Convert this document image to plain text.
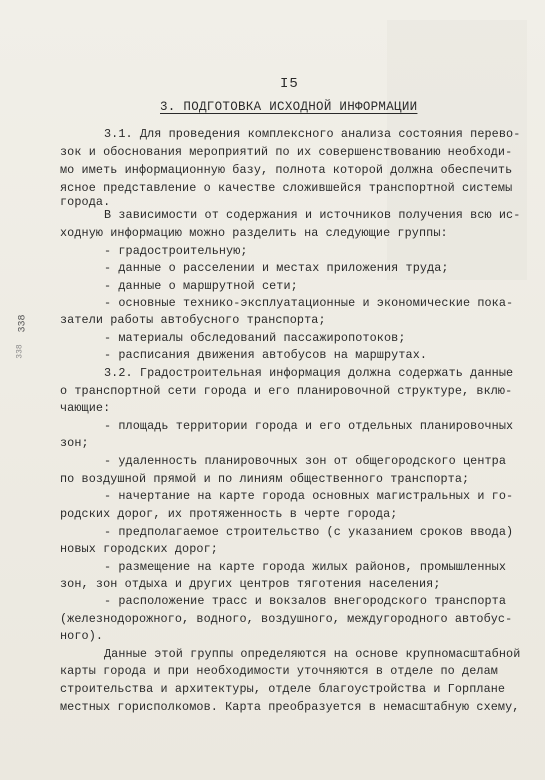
I5
3. ПОДГОТОВКА ИСХОДНОЙ ИНФОРМАЦИИ
338
338
3.1. Для проведения комплексного анализа состояния перево-
зок и обоснования мероприятий по их совершенствованию необходи-
мо иметь информационную базу, полнота которой должна обеспечить
ясное представление о качестве сложившейся транспортной системы
города.
В зависимости от содержания и источников получения всю ис-
ходную информацию можно разделить на следующие группы:
- градостроительную;
- данные о расселении и местах приложения труда;
- данные о маршрутной сети;
- основные технико-эксплуатационные и экономические пока-
затели работы автобусного транспорта;
- материалы обследований пассажиропотоков;
- расписания движения автобусов на маршрутах.
3.2. Градостроительная информация должна содержать данные
о транспортной сети города и его планировочной структуре, вклю-
чающие:
- площадь территории города и его отдельных планировочных
зон;
- удаленность планировочных зон от общегородского центра
по воздушной прямой и по линиям общественного транспорта;
- начертание на карте города основных магистральных и го-
родских дорог, их протяженность в черте города;
- предполагаемое строительство (с указанием сроков ввода)
новых городских дорог;
- размещение на карте города жилых районов, промышленных
зон, зон отдыха и других центров тяготения населения;
- расположение трасс и вокзалов внегородского транспорта
(железнодорожного, водного, воздушного, междугородного автобус-
ного).
Данные этой группы определяются на основе крупномасштабной
карты города и при необходимости уточняются в отделе по делам
строительства и архитектуры, отделе благоустройства и Горплане
местных горисполкомов. Карта преобразуется в немасштабную схему,
